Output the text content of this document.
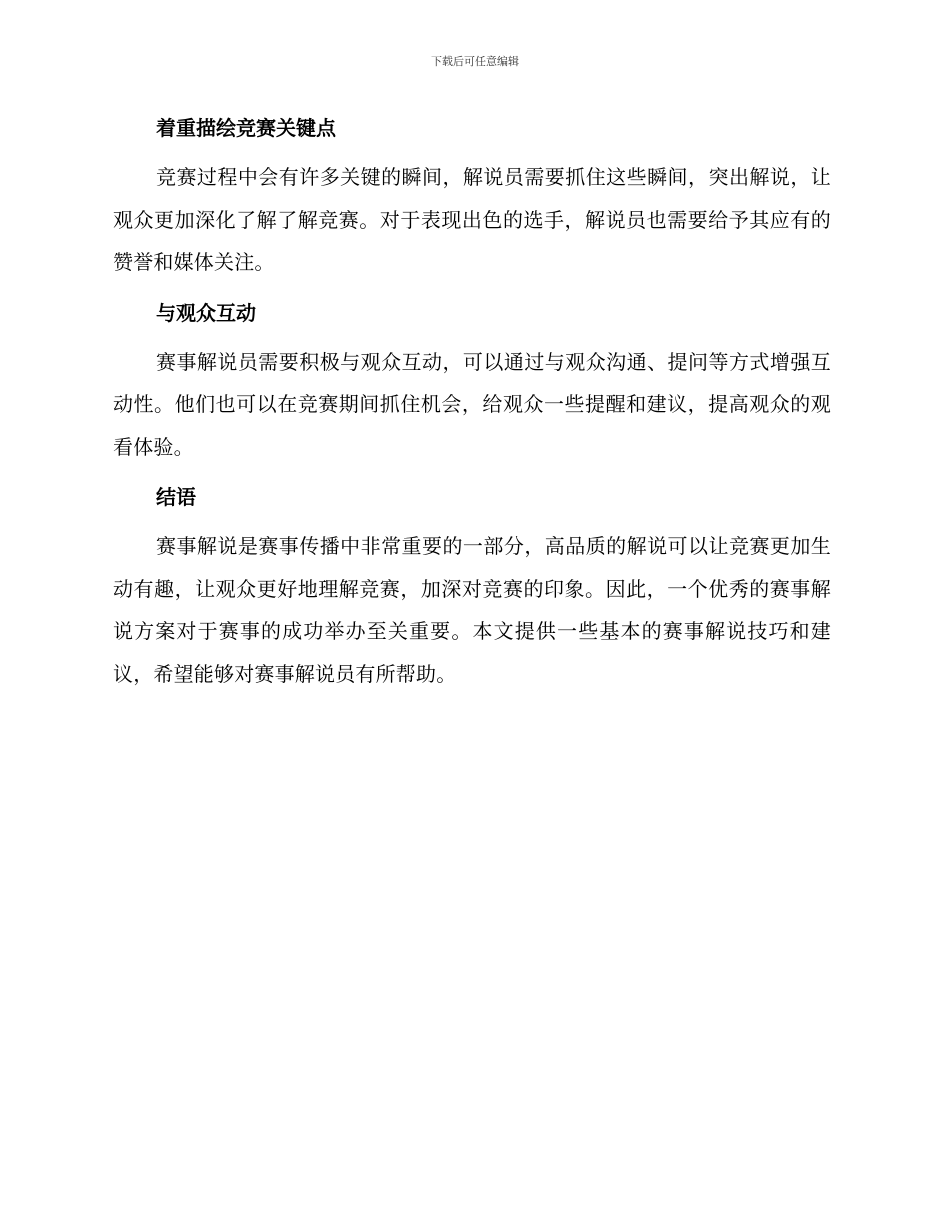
下载后可任意编辑
着重描绘竞赛关键点

竞赛过程中会有许多关键的瞬间，解说员需要抓住这些瞬间，突出解说，让观众更加深化了解了解竞赛。对于表现出色的选手，解说员也需要给予其应有的赞誉和媒体关注。

与观众互动

赛事解说员需要积极与观众互动，可以通过与观众沟通、提问等方式增强互动性。他们也可以在竞赛期间抓住机会，给观众一些提醒和建议，提高观众的观看体验。

结语

赛事解说是赛事传播中非常重要的一部分，高品质的解说可以让竞赛更加生动有趣，让观众更好地理解竞赛，加深对竞赛的印象。因此，一个优秀的赛事解说方案对于赛事的成功举办至关重要。本文提供一些基本的赛事解说技巧和建议，希望能够对赛事解说员有所帮助。
